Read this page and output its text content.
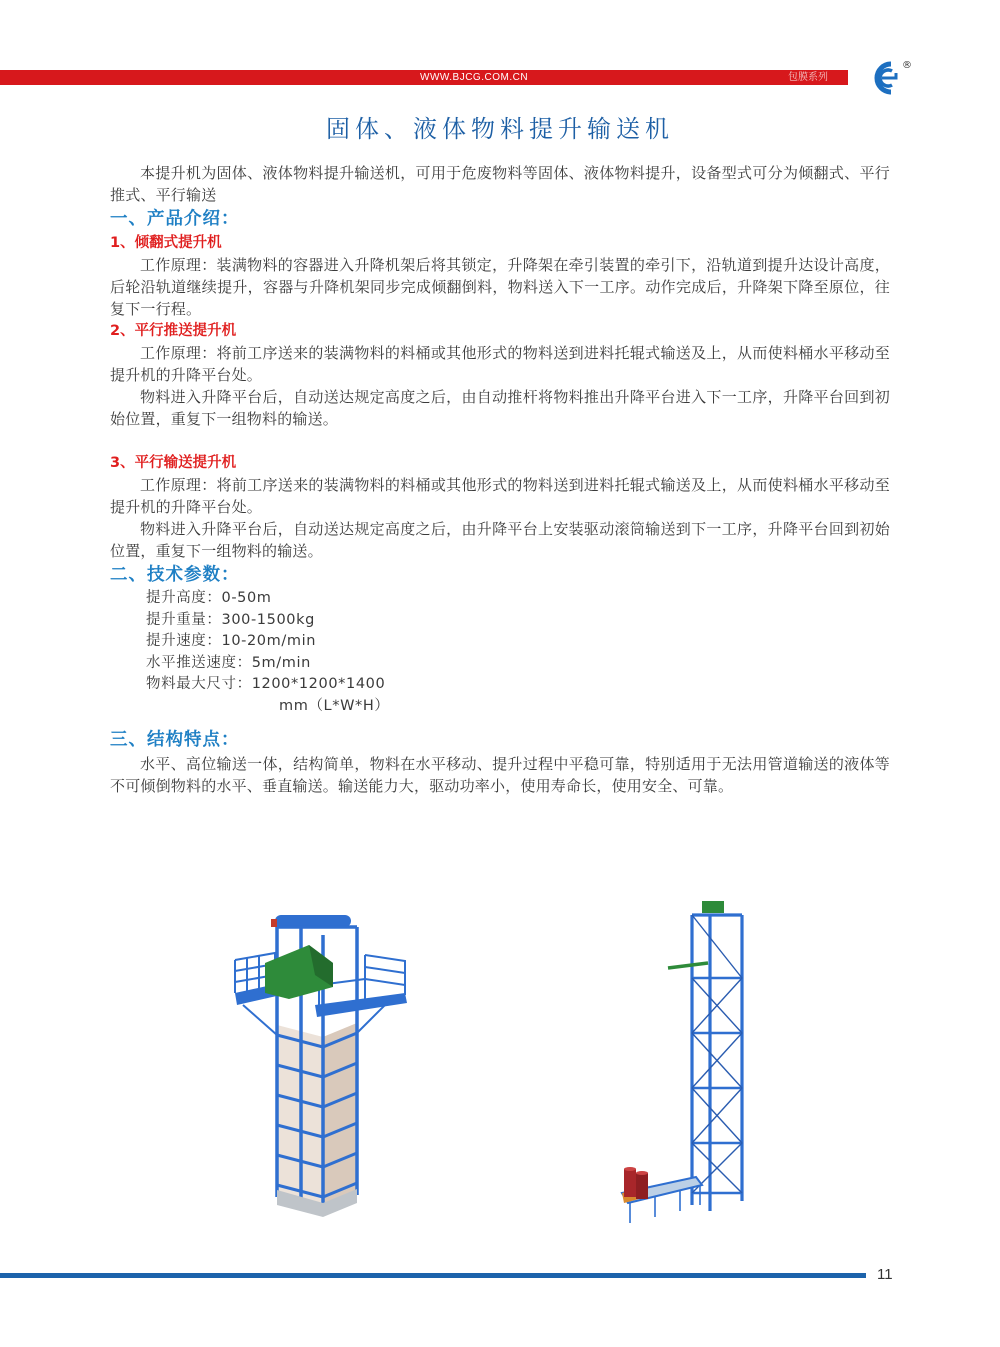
WWW.BJCG.COM.CN	包膜系列
®
固体、液体物料提升输送机

本提升机为固体、液体物料提升输送机，可用于危废物料等固体、液体物料提升，设备型式可分为倾翻式、平行推式、平行输送

一、产品介绍：
1、倾翻式提升机

工作原理：装满物料的容器进入升降机架后将其锁定，升降架在牵引装置的牵引下，沿轨道到提升达设计高度，后轮沿轨道继续提升，容器与升降机架同步完成倾翻倒料，物料送入下一工序。动作完成后，升降架下降至原位，往复下一行程。

2、平行推送提升机

工作原理：将前工序送来的装满物料的料桶或其他形式的物料送到进料托辊式输送及上，从而使料桶水平移动至提升机的升降平台处。

物料进入升降平台后，自动送达规定高度之后，由自动推杆将物料推出升降平台进入下一工序，升降平台回到初始位置，重复下一组物料的输送。

3、平行输送提升机

工作原理：将前工序送来的装满物料的料桶或其他形式的物料送到进料托辊式输送及上，从而使料桶水平移动至提升机的升降平台处。

物料进入升降平台后，自动送达规定高度之后，由升降平台上安装驱动滚筒输送到下一工序，升降平台回到初始位置，重复下一组物料的输送。

二、技术参数：
提升高度：0-50m
提升重量：300-1500kg
提升速度：10-20m/min
水平推送速度：5m/min
物料最大尺寸：1200*1200*1400
mm（L*W*H）
三、结构特点：

水平、高位输送一体，结构简单，物料在水平移动、提升过程中平稳可靠，特别适用于无法用管道输送的液体等不可倾倒物料的水平、垂直输送。输送能力大，驱动功率小，使用寿命长，使用安全、可靠。

11
